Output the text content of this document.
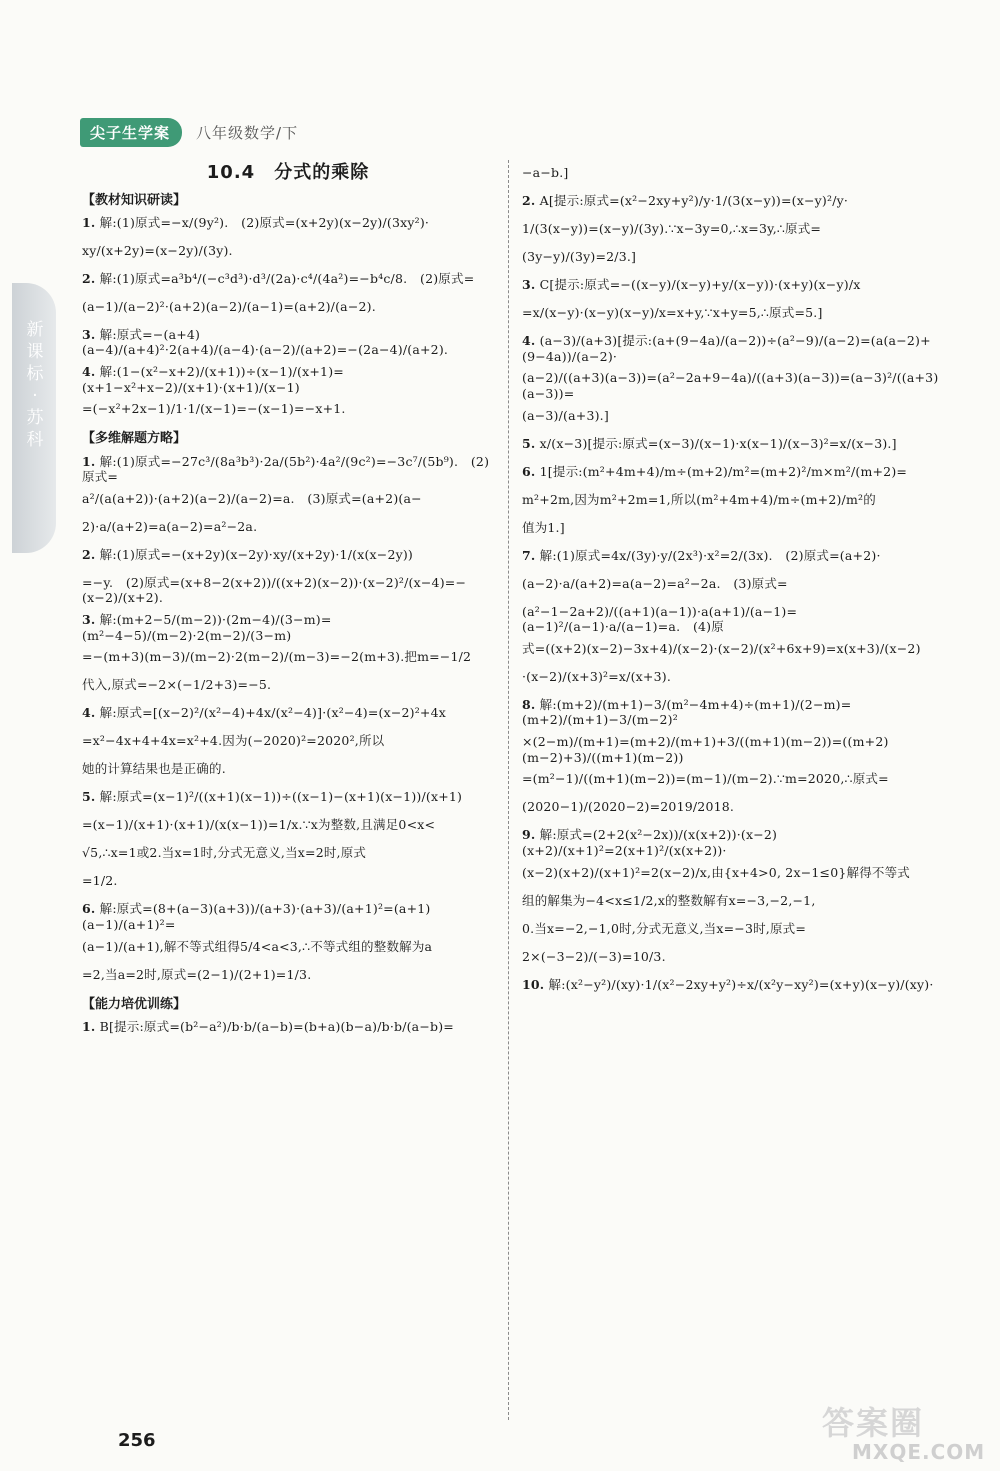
尖子生学案	八年级数学/下
新课标·苏科
10.4　分式的乘除
【教材知识研读】
1. 解:(1)原式=−x/(9y²).　(2)原式=(x+2y)(x−2y)/(3xy²)·
xy/(x+2y)=(x−2y)/(3y).
2. 解:(1)原式=a³b⁴/(−c³d³)·d³/(2a)·c⁴/(4a²)=−b⁴c/8.　(2)原式=
(a−1)/(a−2)²·(a+2)(a−2)/(a−1)=(a+2)/(a−2).
3. 解:原式=−(a+4)(a−4)/(a+4)²·2(a+4)/(a−4)·(a−2)/(a+2)=−(2a−4)/(a+2).
4. 解:(1−(x²−x+2)/(x+1))÷(x−1)/(x+1)=(x+1−x²+x−2)/(x+1)·(x+1)/(x−1)
=(−x²+2x−1)/1·1/(x−1)=−(x−1)=−x+1.
【多维解题方略】
1. 解:(1)原式=−27c³/(8a³b³)·2a/(5b²)·4a²/(9c²)=−3c⁷/(5b⁹).　(2)原式=
a²/(a(a+2))·(a+2)(a−2)/(a−2)=a.　(3)原式=(a+2)(a−
2)·a/(a+2)=a(a−2)=a²−2a.
2. 解:(1)原式=−(x+2y)(x−2y)·xy/(x+2y)·1/(x(x−2y))
=−y.　(2)原式=(x+8−2(x+2))/((x+2)(x−2))·(x−2)²/(x−4)=−(x−2)/(x+2).
3. 解:(m+2−5/(m−2))·(2m−4)/(3−m)=(m²−4−5)/(m−2)·2(m−2)/(3−m)
=−(m+3)(m−3)/(m−2)·2(m−2)/(m−3)=−2(m+3).把m=−1/2
代入,原式=−2×(−1/2+3)=−5.
4. 解:原式=[(x−2)²/(x²−4)+4x/(x²−4)]·(x²−4)=(x−2)²+4x
=x²−4x+4+4x=x²+4.因为(−2020)²=2020²,所以
她的计算结果也是正确的.
5. 解:原式=(x−1)²/((x+1)(x−1))÷((x−1)−(x+1)(x−1))/(x+1)
=(x−1)/(x+1)·(x+1)/(x(x−1))=1/x.∵x为整数,且满足0<x<
√5,∴x=1或2.当x=1时,分式无意义,当x=2时,原式
=1/2.
6. 解:原式=(8+(a−3)(a+3))/(a+3)·(a+3)/(a+1)²=(a+1)(a−1)/(a+1)²=
(a−1)/(a+1),解不等式组得5/4<a<3,∴不等式组的整数解为a
=2,当a=2时,原式=(2−1)/(2+1)=1/3.
【能力培优训练】
1. B[提示:原式=(b²−a²)/b·b/(a−b)=(b+a)(b−a)/b·b/(a−b)=
−a−b.]
2. A[提示:原式=(x²−2xy+y²)/y·1/(3(x−y))=(x−y)²/y·
1/(3(x−y))=(x−y)/(3y).∵x−3y=0,∴x=3y,∴原式=
(3y−y)/(3y)=2/3.]
3. C[提示:原式=−((x−y)/(x−y)+y/(x−y))·(x+y)(x−y)/x
=x/(x−y)·(x−y)(x−y)/x=x+y,∵x+y=5,∴原式=5.]
4. (a−3)/(a+3)[提示:(a+(9−4a)/(a−2))÷(a²−9)/(a−2)=(a(a−2)+(9−4a))/(a−2)·
(a−2)/((a+3)(a−3))=(a²−2a+9−4a)/((a+3)(a−3))=(a−3)²/((a+3)(a−3))=
(a−3)/(a+3).]
5. x/(x−3)[提示:原式=(x−3)/(x−1)·x(x−1)/(x−3)²=x/(x−3).]
6. 1[提示:(m²+4m+4)/m÷(m+2)/m²=(m+2)²/m×m²/(m+2)=
m²+2m,因为m²+2m=1,所以(m²+4m+4)/m÷(m+2)/m²的
值为1.]
7. 解:(1)原式=4x/(3y)·y/(2x³)·x²=2/(3x).　(2)原式=(a+2)·
(a−2)·a/(a+2)=a(a−2)=a²−2a.　(3)原式=
(a²−1−2a+2)/((a+1)(a−1))·a(a+1)/(a−1)=(a−1)²/(a−1)·a/(a−1)=a.　(4)原
式=((x+2)(x−2)−3x+4)/(x−2)·(x−2)/(x²+6x+9)=x(x+3)/(x−2)
·(x−2)/(x+3)²=x/(x+3).
8. 解:(m+2)/(m+1)−3/(m²−4m+4)÷(m+1)/(2−m)=(m+2)/(m+1)−3/(m−2)²
×(2−m)/(m+1)=(m+2)/(m+1)+3/((m+1)(m−2))=((m+2)(m−2)+3)/((m+1)(m−2))
=(m²−1)/((m+1)(m−2))=(m−1)/(m−2).∵m=2020,∴原式=
(2020−1)/(2020−2)=2019/2018.
9. 解:原式=(2+2(x²−2x))/(x(x+2))·(x−2)(x+2)/(x+1)²=2(x+1)²/(x(x+2))·
(x−2)(x+2)/(x+1)²=2(x−2)/x,由{x+4>0, 2x−1≤0}解得不等式
组的解集为−4<x≤1/2,x的整数解有x=−3,−2,−1,
0.当x=−2,−1,0时,分式无意义,当x=−3时,原式=
2×(−3−2)/(−3)=10/3.
10. 解:(x²−y²)/(xy)·1/(x²−2xy+y²)÷x/(x²y−xy²)=(x+y)(x−y)/(xy)·
256	答案圈
MXQE.COM
